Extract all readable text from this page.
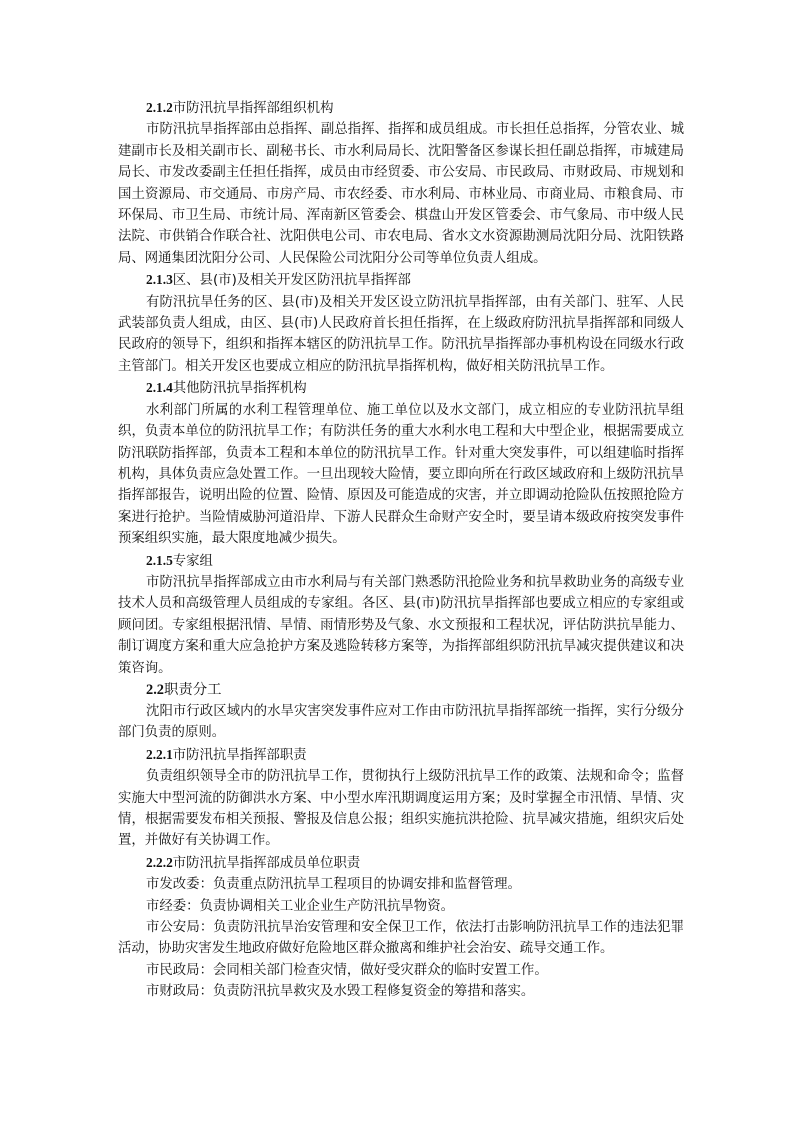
2.1.2市防汛抗旱指挥部组织机构

市防汛抗旱指挥部由总指挥、副总指挥、指挥和成员组成。市长担任总指挥，分管农业、城建副市长及相关副市长、副秘书长、市水利局局长、沈阳警备区参谋长担任副总指挥，市城建局局长、市发改委副主任担任指挥，成员由市经贸委、市公安局、市民政局、市财政局、市规划和国土资源局、市交通局、市房产局、市农经委、市水利局、市林业局、市商业局、市粮食局、市环保局、市卫生局、市统计局、浑南新区管委会、棋盘山开发区管委会、市气象局、市中级人民法院、市供销合作联合社、沈阳供电公司、市农电局、省水文水资源勘测局沈阳分局、沈阳铁路局、网通集团沈阳分公司、人民保险公司沈阳分公司等单位负责人组成。

2.1.3区、县(市)及相关开发区防汛抗旱指挥部

有防汛抗旱任务的区、县(市)及相关开发区设立防汛抗旱指挥部，由有关部门、驻军、人民武装部负责人组成，由区、县(市)人民政府首长担任指挥，在上级政府防汛抗旱指挥部和同级人民政府的领导下，组织和指挥本辖区的防汛抗旱工作。防汛抗旱指挥部办事机构设在同级水行政主管部门。相关开发区也要成立相应的防汛抗旱指挥机构，做好相关防汛抗旱工作。

2.1.4其他防汛抗旱指挥机构

水利部门所属的水利工程管理单位、施工单位以及水文部门，成立相应的专业防汛抗旱组织，负责本单位的防汛抗旱工作；有防洪任务的重大水利水电工程和大中型企业，根据需要成立防汛联防指挥部，负责本工程和本单位的防汛抗旱工作。针对重大突发事件，可以组建临时指挥机构，具体负责应急处置工作。一旦出现较大险情，要立即向所在行政区域政府和上级防汛抗旱指挥部报告，说明出险的位置、险情、原因及可能造成的灾害，并立即调动抢险队伍按照抢险方案进行抢护。当险情威胁河道沿岸、下游人民群众生命财产安全时，要呈请本级政府按突发事件预案组织实施，最大限度地减少损失。

2.1.5专家组

市防汛抗旱指挥部成立由市水利局与有关部门熟悉防汛抢险业务和抗旱救助业务的高级专业技术人员和高级管理人员组成的专家组。各区、县(市)防汛抗旱指挥部也要成立相应的专家组或顾问团。专家组根据汛情、旱情、雨情形势及气象、水文预报和工程状况，评估防洪抗旱能力、制订调度方案和重大应急抢护方案及逃险转移方案等，为指挥部组织防汛抗旱减灾提供建议和决策咨询。

2.2职责分工

沈阳市行政区域内的水旱灾害突发事件应对工作由市防汛抗旱指挥部统一指挥，实行分级分部门负责的原则。

2.2.1市防汛抗旱指挥部职责

负责组织领导全市的防汛抗旱工作，贯彻执行上级防汛抗旱工作的政策、法规和命令；监督实施大中型河流的防御洪水方案、中小型水库汛期调度运用方案；及时掌握全市汛情、旱情、灾情，根据需要发布相关预报、警报及信息公报；组织实施抗洪抢险、抗旱减灾措施，组织灾后处置，并做好有关协调工作。

2.2.2市防汛抗旱指挥部成员单位职责

市发改委：负责重点防汛抗旱工程项目的协调安排和监督管理。

市经委：负责协调相关工业企业生产防汛抗旱物资。

市公安局：负责防汛抗旱治安管理和安全保卫工作，依法打击影响防汛抗旱工作的违法犯罪活动，协助灾害发生地政府做好危险地区群众撤离和维护社会治安、疏导交通工作。

市民政局：会同相关部门检查灾情，做好受灾群众的临时安置工作。

市财政局：负责防汛抗旱救灾及水毁工程修复资金的筹措和落实。
